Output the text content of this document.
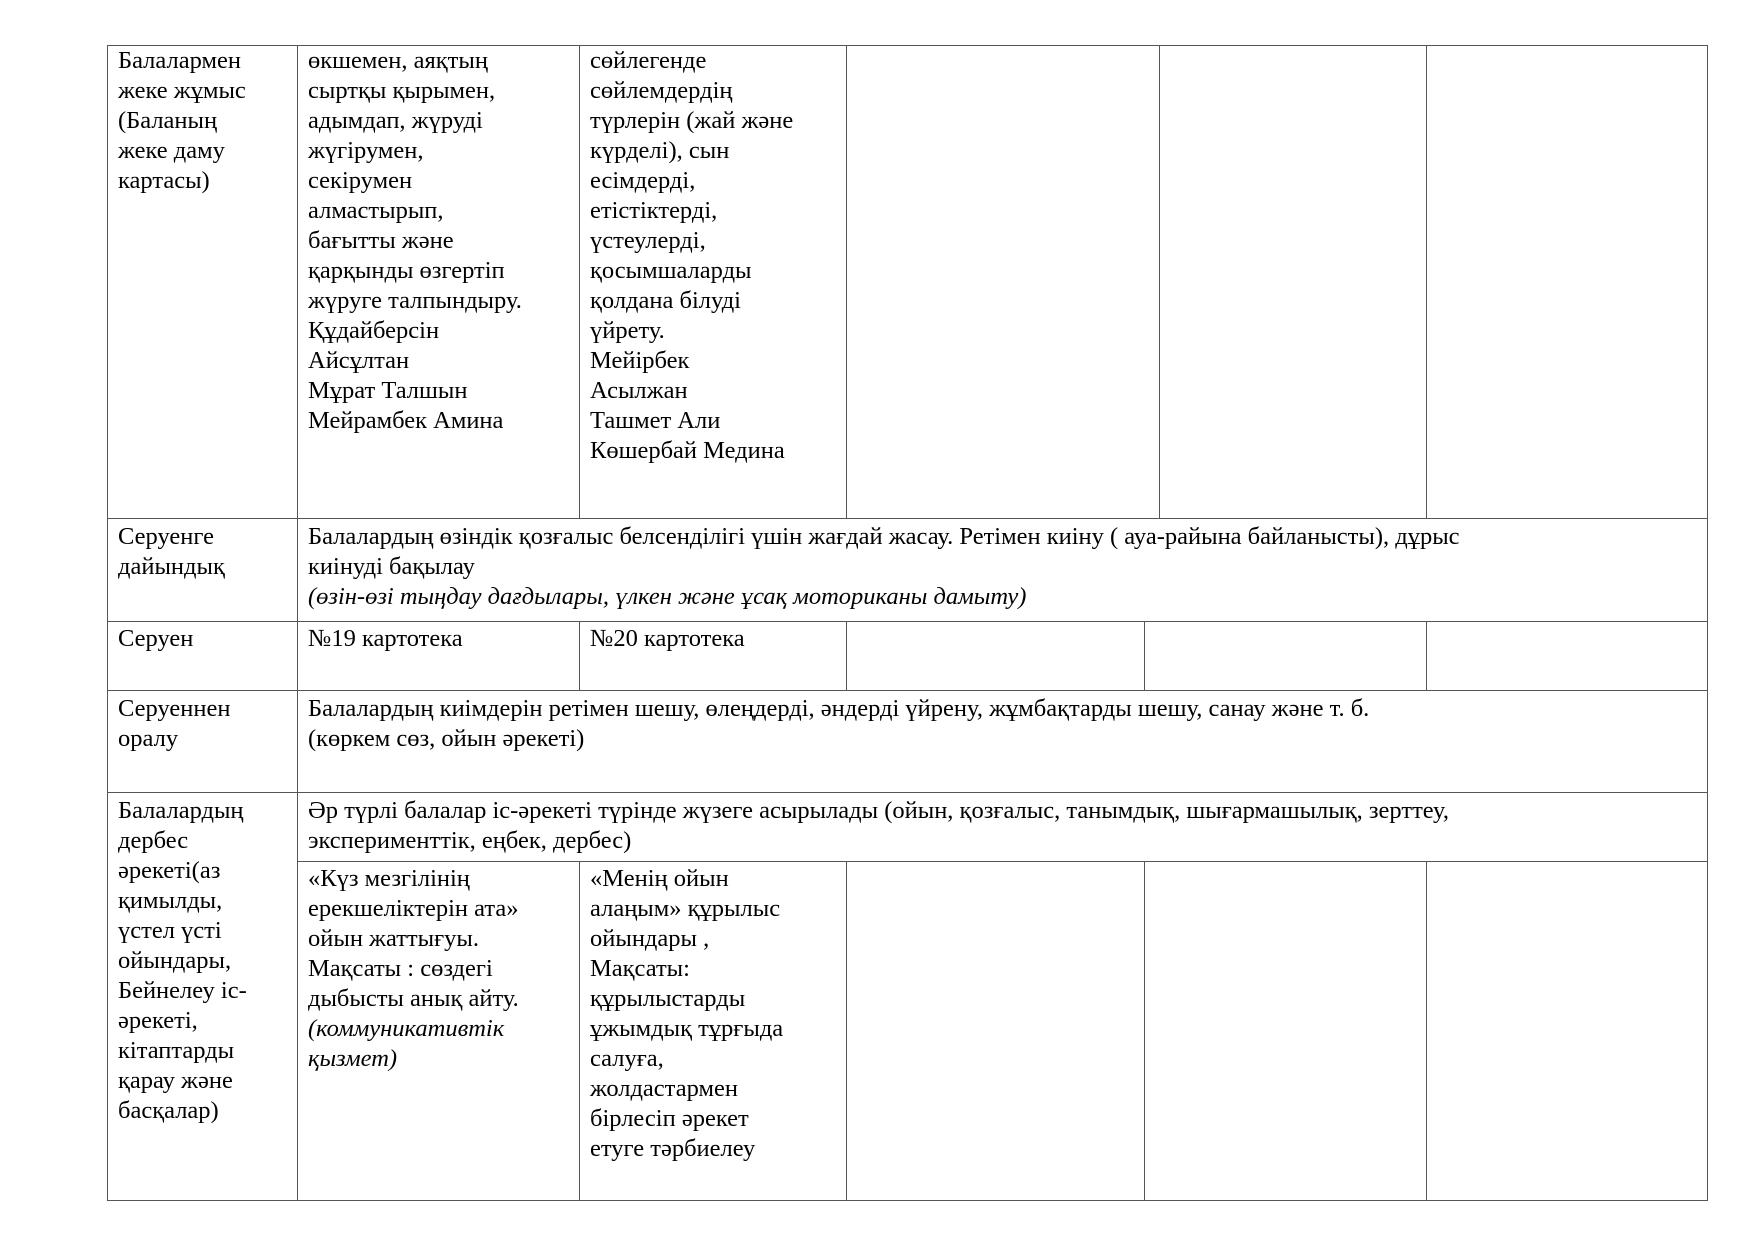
Балалармен
жеке жұмыс
(Баланың
жеке даму
картасы)
өкшемен, аяқтың
сыртқы қырымен,
адымдап, жүруді
жүгірумен,
секірумен
алмастырып,
бағытты және
қарқынды өзгертіп
жүруге талпындыру.
Құдайберсін
Айсұлтан
Мұрат Талшын
Мейрамбек Амина
сөйлегенде
сөйлемдердің
түрлерін (жай және
күрделі), сын
есімдерді,
етістіктерді,
үстеулерді,
қосымшаларды
қолдана білуді
үйрету.
Мейірбек
Асылжан
Ташмет Али
Көшербай Медина
Серуенге
дайындық
Балалардың өзіндік қозғалыс белсенділігі үшін жағдай жасау. Ретімен киіну ( ауа-райына байланысты), дұрыс
киінуді бақылау
(өзін-өзі тыңдау дағдылары, үлкен және ұсақ моториканы дамыту)
Серуен	№19 картотека	№20 картотека
Серуеннен
оралу
Балалардың киімдерін ретімен шешу, өлеңдерді, әндерді үйрену, жұмбақтарды шешу, санау және т. б.
(көркем сөз, ойын әрекеті)
Балалардың
дербес
әрекеті(аз
қимылды,
үстел үсті
ойындары,
Бейнелеу іс-
әрекеті,
кітаптарды
қарау және
басқалар)
Әр түрлі балалар іс-әрекеті түрінде жүзеге асырылады (ойын, қозғалыс, танымдық, шығармашылық, зерттеу,
эксперименттік, еңбек, дербес)
«Күз мезгілінің
ерекшеліктерін ата»
ойын жаттығуы.
Мақсаты : сөздегі
дыбысты анық айту.
(коммуникативтік
қызмет)
«Менің ойын
алаңым» құрылыс
ойындары ,
Мақсаты:
құрылыстарды
ұжымдық тұрғыда
салуға,
жолдастармен
бірлесіп әрекет
етуге тәрбиелеу
